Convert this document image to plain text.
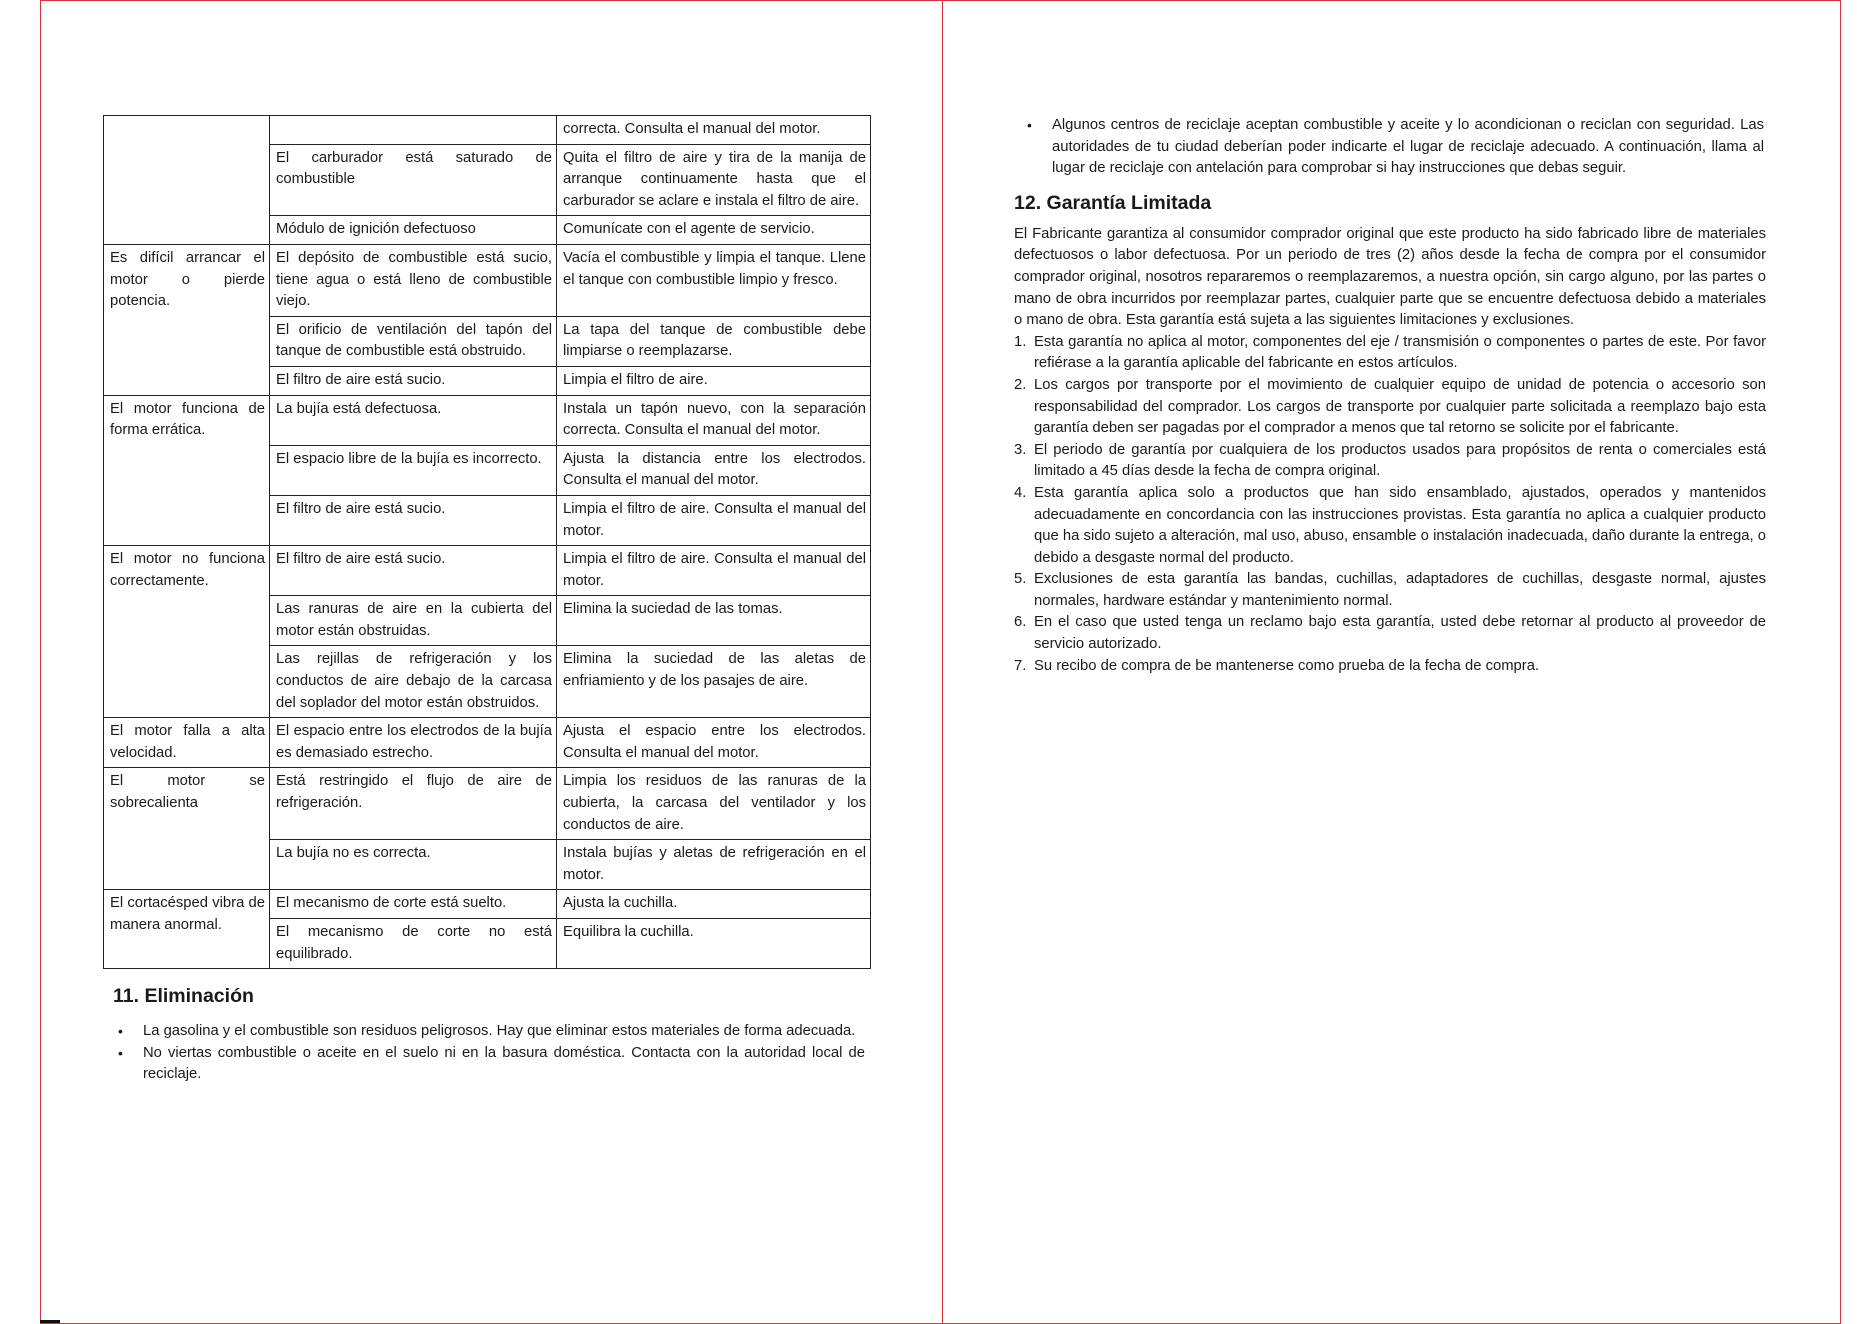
		correcta. Consulta el manual del motor.
	El carburador está saturado de combustible	Quita el filtro de aire y tira de la manija de arranque continuamente hasta que el carburador se aclare e instala el filtro de aire.
	Módulo de ignición defectuoso	Comunícate con el agente de servicio.
Es difícil arrancar el motor o pierde potencia.	El depósito de combustible está sucio, tiene agua o está lleno de combustible viejo.	Vacía el combustible y limpia el tanque. Llene el tanque con combustible limpio y fresco.
	El orificio de ventilación del tapón del tanque de combustible está obstruido.	La tapa del tanque de combustible debe limpiarse o reemplazarse.
	El filtro de aire está sucio.	Limpia el filtro de aire.
El motor funciona de forma errática.	La bujía está defectuosa.	Instala un tapón nuevo, con la separación correcta. Consulta el manual del motor.
	El espacio libre de la bujía es incorrecto.	Ajusta la distancia entre los electrodos. Consulta el manual del motor.
	El filtro de aire está sucio.	Limpia el filtro de aire. Consulta el manual del motor.
El motor no funciona correctamente.	El filtro de aire está sucio.	Limpia el filtro de aire. Consulta el manual del motor.
	Las ranuras de aire en la cubierta del motor están obstruidas.	Elimina la suciedad de las tomas.
	Las rejillas de refrigeración y los conductos de aire debajo de la carcasa del soplador del motor están obstruidos.	Elimina la suciedad de las aletas de enfriamiento y de los pasajes de aire.
El motor falla a alta velocidad.	El espacio entre los electrodos de la bujía es demasiado estrecho.	Ajusta el espacio entre los electrodos. Consulta el manual del motor.
El motor se sobrecalienta	Está restringido el flujo de aire de refrigeración.	Limpia los residuos de las ranuras de la cubierta, la carcasa del ventilador y los conductos de aire.
	La bujía no es correcta.	Instala bujías y aletas de refrigeración en el motor.
El cortacésped vibra de manera anormal.	El mecanismo de corte está suelto.	Ajusta la cuchilla.
	El mecanismo de corte no está equilibrado.	Equilibra la cuchilla.
11. Eliminación
• La gasolina y el combustible son residuos peligrosos. Hay que eliminar estos materiales de forma adecuada.
• No viertas combustible o aceite en el suelo ni en la basura doméstica. Contacta con la autoridad local de reciclaje.
• Algunos centros de reciclaje aceptan combustible y aceite y lo acondicionan o reciclan con seguridad. Las autoridades de tu ciudad deberían poder indicarte el lugar de reciclaje adecuado. A continuación, llama al lugar de reciclaje con antelación para comprobar si hay instrucciones que debas seguir.
12. Garantía Limitada

El Fabricante garantiza al consumidor comprador original que este producto ha sido fabricado libre de materiales defectuosos o labor defectuosa. Por un periodo de tres (2) años desde la fecha de compra por el consumidor comprador original, nosotros repararemos o reemplazaremos, a nuestra opción, sin cargo alguno, por las partes o mano de obra incurridos por reemplazar partes, cualquier parte que se encuentre defectuosa debido a materiales o mano de obra. Esta garantía está sujeta a las siguientes limitaciones y exclusiones.

1. Esta garantía no aplica al motor, componentes del eje / transmisión o componentes o partes de este. Por favor refiérase a la garantía aplicable del fabricante en estos artículos.
2. Los cargos por transporte por el movimiento de cualquier equipo de unidad de potencia o accesorio son responsabilidad del comprador. Los cargos de transporte por cualquier parte solicitada a reemplazo bajo esta garantía deben ser pagadas por el comprador a menos que tal retorno se solicite por el fabricante.
3. El periodo de garantía por cualquiera de los productos usados para propósitos de renta o comerciales está limitado a 45 días desde la fecha de compra original.
4. Esta garantía aplica solo a productos que han sido ensamblado, ajustados, operados y mantenidos adecuadamente en concordancia con las instrucciones provistas. Esta garantía no aplica a cualquier producto que ha sido sujeto a alteración, mal uso, abuso, ensamble o instalación inadecuada, daño durante la entrega, o debido a desgaste normal del producto.
5. Exclusiones de esta garantía las bandas, cuchillas, adaptadores de cuchillas, desgaste normal, ajustes normales, hardware estándar y mantenimiento normal.
6. En el caso que usted tenga un reclamo bajo esta garantía, usted debe retornar al producto al proveedor de servicio autorizado.
7. Su recibo de compra de be mantenerse como prueba de la fecha de compra.
